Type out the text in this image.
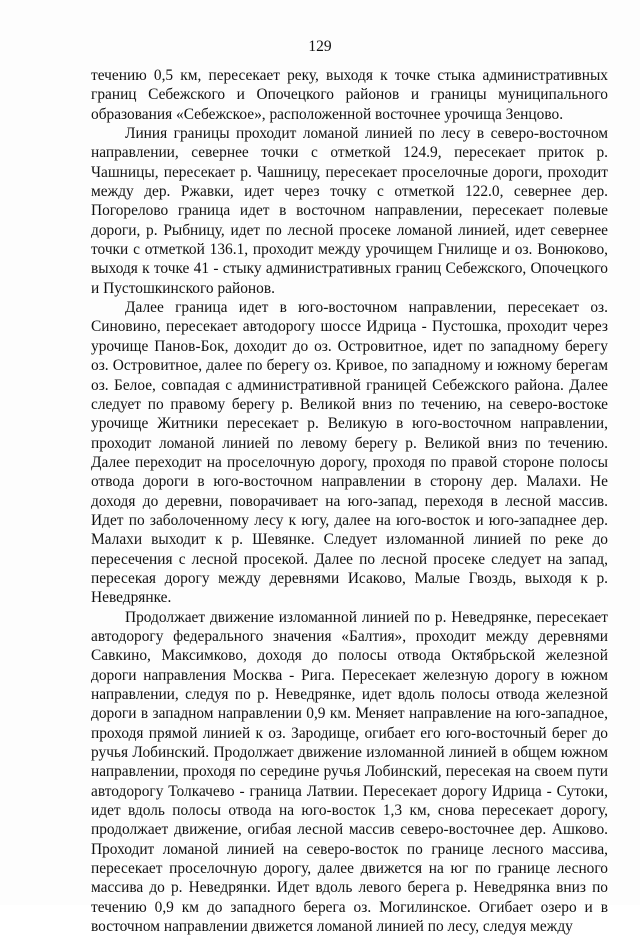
129

течению 0,5 км, пересекает реку, выходя к точке стыка административных границ Себежского и Опочецкого районов и границы муниципального образования «Себежское», расположенной восточнее урочища Зенцово.

Линия границы проходит ломаной линией по лесу в северо-восточном направлении, севернее точки с отметкой 124.9, пересекает приток р. Чашницы, пересекает р. Чашницу, пересекает проселочные дороги, проходит между дер. Ржавки, идет через точку с отметкой 122.0, севернее дер. Погорелово граница идет в восточном направлении, пересекает полевые дороги, р. Рыбницу, идет по лесной просеке ломаной линией, идет севернее точки с отметкой 136.1, проходит между урочищем Гнилище и оз. Вонюково, выходя к точке 41 - стыку административных границ Себежского, Опочецкого и Пустошкинского районов.

Далее граница идет в юго-восточном направлении, пересекает оз. Синовино, пересекает автодорогу шоссе Идрица - Пустошка, проходит через урочище Панов-Бок, доходит до оз. Островитное, идет по западному берегу оз. Островитное, далее по берегу оз. Кривое, по западному и южному берегам оз. Белое, совпадая с административной границей Себежского района. Далее следует по правому берегу р. Великой вниз по течению, на северо-востоке урочище Житники пересекает р. Великую в юго-восточном направлении, проходит ломаной линией по левому берегу р. Великой вниз по течению. Далее переходит на проселочную дорогу, проходя по правой стороне полосы отвода дороги в юго-восточном направлении в сторону дер. Малахи. Не доходя до деревни, поворачивает на юго-запад, переходя в лесной массив. Идет по заболоченному лесу к югу, далее на юго-восток и юго-западнее дер. Малахи выходит к р. Шевянке. Следует изломанной линией по реке до пересечения с лесной просекой. Далее по лесной просеке следует на запад, пересекая дорогу между деревнями Исаково, Малые Гвоздь, выходя к р. Неведрянке.

Продолжает движение изломанной линией по р. Неведрянке, пересекает автодорогу федерального значения «Балтия», проходит между деревнями Савкино, Максимково, доходя до полосы отвода Октябрьской железной дороги направления Москва - Рига. Пересекает железную дорогу в южном направлении, следуя по р. Неведрянке, идет вдоль полосы отвода железной дороги в западном направлении 0,9 км. Меняет направление на юго-западное, проходя прямой линией к оз. Зародище, огибает его юго-восточный берег до ручья Лобинский. Продолжает движение изломанной линией в общем южном направлении, проходя по середине ручья Лобинский, пересекая на своем пути автодорогу Толкачево - граница Латвии. Пересекает дорогу Идрица - Сутоки, идет вдоль полосы отвода на юго-восток 1,3 км, снова пересекает дорогу, продолжает движение, огибая лесной массив северо-восточнее дер. Ашково. Проходит ломаной линией на северо-восток по границе лесного массива, пересекает проселочную дорогу, далее движется на юг по границе лесного массива до р. Неведрянки. Идет вдоль левого берега р. Неведрянка вниз по течению 0,9 км до западного берега оз. Могилинское. Огибает озеро и в восточном направлении движется ломаной линией по лесу, следуя между
